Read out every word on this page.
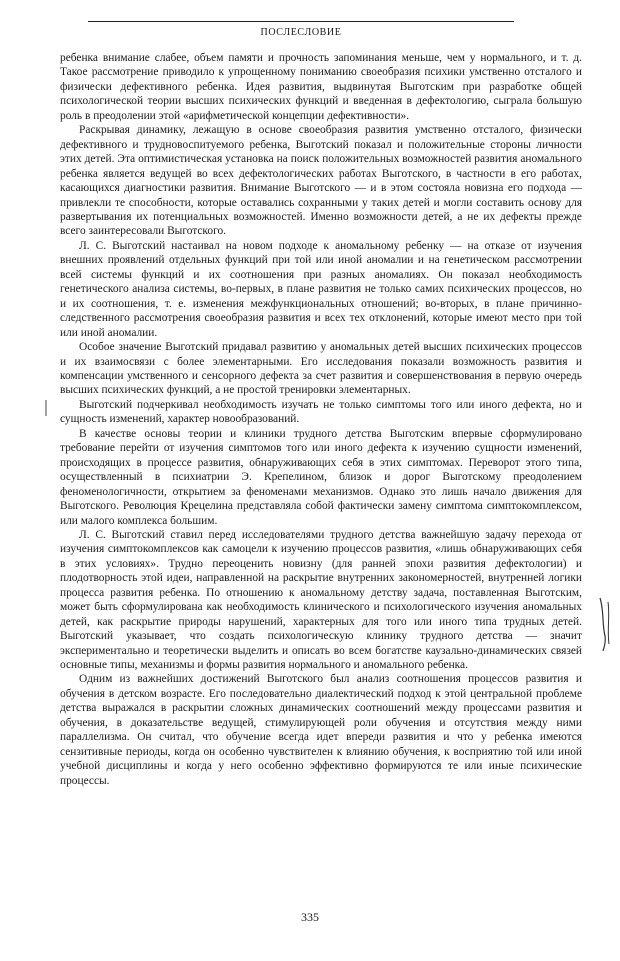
ПОСЛЕСЛОВИЕ

ребенка внимание слабее, объем памяти и прочность запоминания меньше, чем у нормального, и т. д. Такое рассмотрение приводило к упрощенному пониманию своеобразия психики умственно отсталого и физически дефективного ребенка. Идея развития, выдвинутая Выготским при разработке общей психологической теории высших психических функций и введенная в дефектологию, сыграла большую роль в преодолении этой «арифметической концепции дефективности».

Раскрывая динамику, лежащую в основе своеобразия развития умственно отсталого, физически дефективного и трудновоспитуемого ребенка, Выготский показал и положительные стороны личности этих детей. Эта оптимистическая установка на поиск положительных возможностей развития аномального ребенка является ведущей во всех дефектологических работах Выготского, в частности в его работах, касающихся диагностики развития. Внимание Выготского — и в этом состояла новизна его подхода — привлекли те способности, которые оставались сохранными у таких детей и могли составить основу для развертывания их потенциальных возможностей. Именно возможности детей, а не их дефекты прежде всего заинтересовали Выготского.

Л. С. Выготский настаивал на новом подходе к аномальному ребенку — на отказе от изучения внешних проявлений отдельных функций при той или иной аномалии и на генетическом рассмотрении всей системы функций и их соотношения при разных аномалиях. Он показал необходимость генетического анализа системы, во-первых, в плане развития не только самих психических процессов, но и их соотношения, т. е. изменения межфункциональных отношений; во-вторых, в плане причинно-следственного рассмотрения своеобразия развития и всех тех отклонений, которые имеют место при той или иной аномалии.

Особое значение Выготский придавал развитию у аномальных детей высших психических процессов и их взаимосвязи с более элементарными. Его исследования показали возможность развития и компенсации умственного и сенсорного дефекта за счет развития и совершенствования в первую очередь высших психических функций, а не простой тренировки элементарных.

Выготский подчеркивал необходимость изучать не только симптомы того или иного дефекта, но и сущность изменений, характер новообразований.

В качестве основы теории и клиники трудного детства Выготским впервые сформулировано требование перейти от изучения симптомов того или иного дефекта к изучению сущности изменений, происходящих в процессе развития, обнаруживающих себя в этих симптомах. Переворот этого типа, осуществленный в психиатрии Э. Крепелином, близок и дорог Выготскому преодолением феноменологичности, открытием за феноменами механизмов. Однако это лишь начало движения для Выготского. Революция Крецелина представляла собой фактически замену симптома симптокомплексом, или малого комплекса большим.

Л. С. Выготский ставил перед исследователями трудного детства важнейшую задачу перехода от изучения симптокомплексов как самоцели к изучению процессов развития, «лишь обнаруживающих себя в этих условиях». Трудно переоценить новизну (для ранней эпохи развития дефектологии) и плодотворность этой идеи, направленной на раскрытие внутренних закономерностей, внутренней логики процесса развития ребенка. По отношению к аномальному детству задача, поставленная Выготским, может быть сформулирована как необходимость клинического и психологического изучения аномальных детей, как раскрытие природы нарушений, характерных для того или иного типа трудных детей. Выготский указывает, что создать психологическую клинику трудного детства — значит экспериментально и теоретически выделить и описать во всем богатстве каузально-динамических связей основные типы, механизмы и формы развития нормального и аномального ребенка.

Одним из важнейших достижений Выготского был анализ соотношения процессов развития и обучения в детском возрасте. Его последовательно диалектический подход к этой центральной проблеме детства выражался в раскрытии сложных динамических соотношений между процессами развития и обучения, в доказательстве ведущей, стимулирующей роли обучения и отсутствия между ними параллелизма. Он считал, что обучение всегда идет впереди развития и что у ребенка имеются сензитивные периоды, когда он особенно чувствителен к влиянию обучения, к восприятию той или иной учебной дисциплины и когда у него особенно эффективно формируются те или иные психические процессы.

335
